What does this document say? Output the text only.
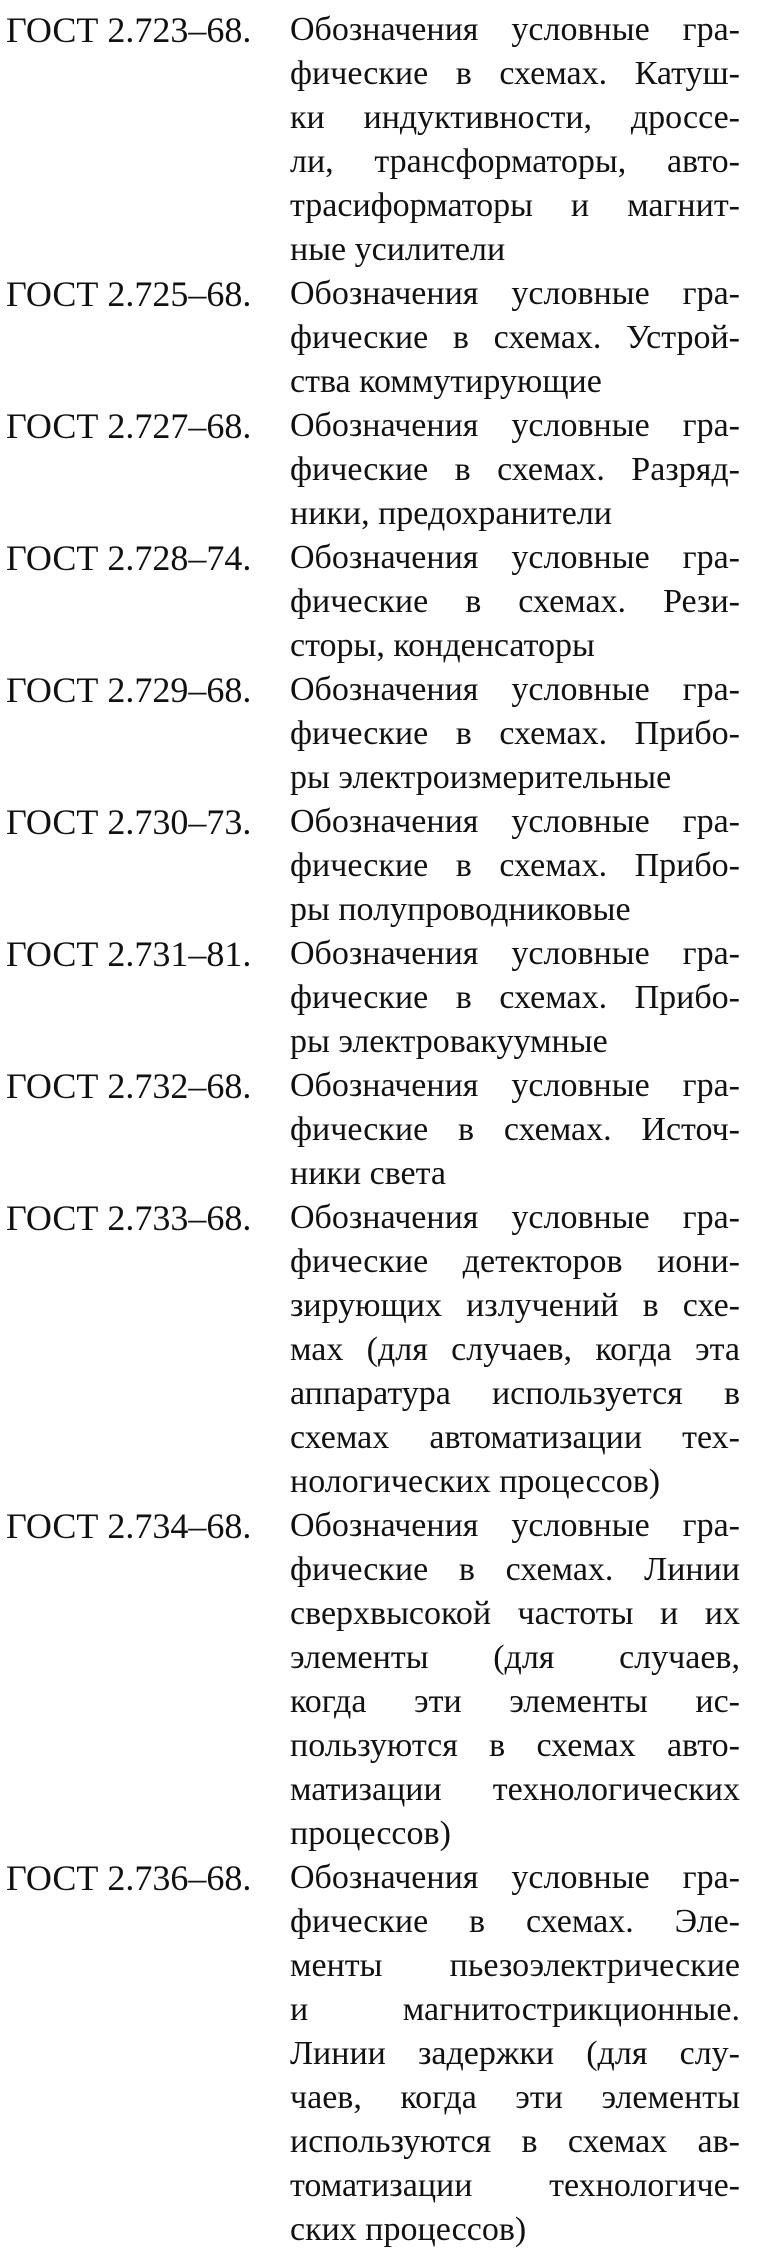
ГОСТ 2.723–68. Обозначения условные гра-
фические в схемах. Катуш-
ки индуктивности, дроссе-
ли, трансформаторы, авто-
трасиформаторы и магнит-
ные усилители
ГОСТ 2.725–68. Обозначения условные гра-
фические в схемах. Устрой-
ства коммутирующие
ГОСТ 2.727–68. Обозначения условные гра-
фические в схемах. Разряд-
ники, предохранители
ГОСТ 2.728–74. Обозначения условные гра-
фические в схемах. Рези-
сторы, конденсаторы
ГОСТ 2.729–68. Обозначения условные гра-
фические в схемах. Прибо-
ры электроизмерительные
ГОСТ 2.730–73. Обозначения условные гра-
фические в схемах. Прибо-
ры полупроводниковые
ГОСТ 2.731–81. Обозначения условные гра-
фические в схемах. Прибо-
ры электровакуумные
ГОСТ 2.732–68. Обозначения условные гра-
фические в схемах. Источ-
ники света
ГОСТ 2.733–68. Обозначения условные гра-
фические детекторов иони-
зирующих излучений в схе-
мах (для случаев, когда эта
аппаратура используется в
схемах автоматизации тех-
нологических процессов)
ГОСТ 2.734–68. Обозначения условные гра-
фические в схемах. Линии
сверхвысокой частоты и их
элементы (для случаев,
когда эти элементы ис-
пользуются в схемах авто-
матизации технологических
процессов)
ГОСТ 2.736–68. Обозначения условные гра-
фические в схемах. Эле-
менты пьезоэлектрические
и магнитострикционные.
Линии задержки (для слу-
чаев, когда эти элементы
используются в схемах ав-
томатизации технологиче-
ских процессов)
